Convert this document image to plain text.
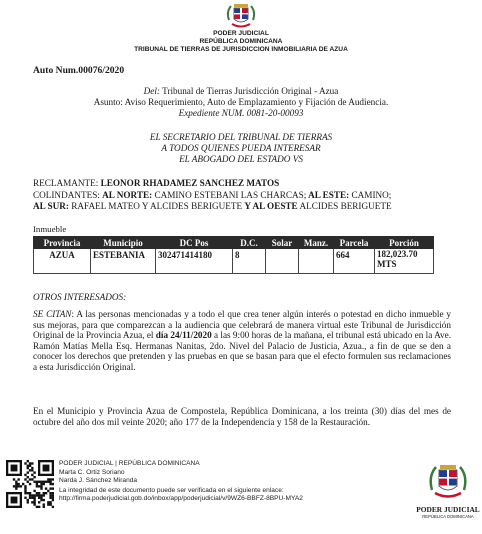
PODER JUDICIAL
REPÚBLICA DOMINICANA
TRIBUNAL DE TIERRAS DE JURISDICCION INMOBILIARIA DE AZUA
Auto Num.00076/2020
Del: Tribunal de Tierras Jurisdicción Original - Azua
Asunto: Aviso Requerimiento, Auto de Emplazamiento y Fijación de Audiencia.
Expediente NUM. 0081-20-00093
EL SECRETARIO DEL TRIBUNAL DE TIERRAS
A TODOS QUIENES PUEDA INTERESAR
EL ABOGADO DEL ESTADO VS
RECLAMANTE: LEONOR RHADAMEZ SANCHEZ MATOS
COLINDANTES: AL NORTE: CAMINO ESTEBANI LAS CHARCAS; AL ESTE: CAMINO;
AL SUR: RAFAEL MATEO Y ALCIDES BERIGUETE Y AL OESTE ALCIDES BERIGUETE
Inmueble
Provincia	Municipio	DC Pos	D.C.	Solar	Manz.	Parcela	Porción
AZUA	ESTEBANIA	302471414180	8			664	182,023.70
MTS
OTROS INTERESADOS:
SE CITAN: A las personas mencionadas y a todo el que crea tener algún interés o potestad en dicho inmueble y sus mejoras, para que comparezcan a la audiencia que celebrará de manera virtual este Tribunal de Jurisdicción Original de la Provincia Azua, el día 24/11/2020 a las 9:00 horas de la mañana, el tribunal está ubicado en la Ave. Ramón Matías Mella Esq. Hermanas Nanitas, 2do. Nivel del Palacio de Justicia, Azua., a fin de que se den a conocer los derechos que pretenden y las pruebas en que se basan para que el efecto formulen sus reclamaciones a esta Jurisdicción Original.
En el Municipio y Provincia Azua de Compostela, República Dominicana, a los treinta (30) días del mes de octubre del año dos mil veinte 2020; año 177 de la Independencia y 158 de la Restauración.
PODER JUDICIAL | REPÚBLICA DOMINICANA
Marta C. Ortiz Soriano
Narda J. Sánchez Miranda
La integridad de este documento puede ser verificada en el siguiente enlace:
http://firma.poderjudicial.gob.do/inbox/app/poderjudicial/v/9WZ6-BBFZ-8BPU-MYA2
PODER JUDICIAL
REPÚBLICA DOMINICANA
